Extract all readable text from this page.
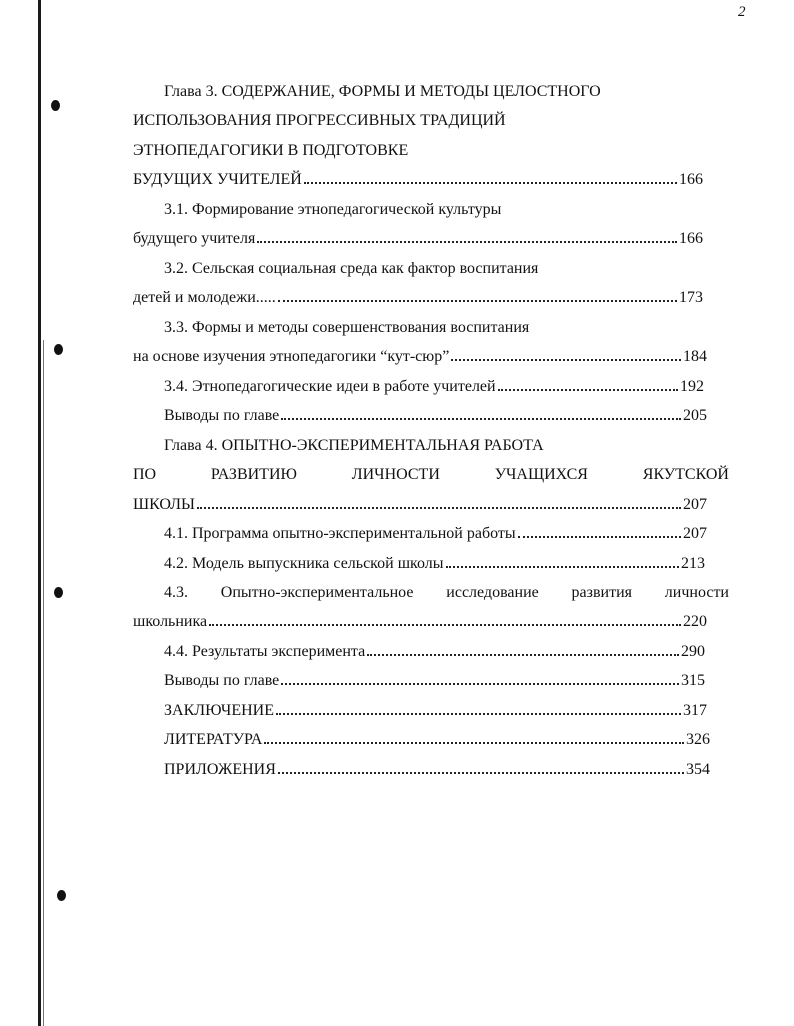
2
Глава 3. СОДЕРЖАНИЕ, ФОРМЫ И МЕТОДЫ ЦЕЛОСТНОГО
ИСПОЛЬЗОВАНИЯ ПРОГРЕССИВНЫХ ТРАДИЦИЙ
ЭТНОПЕДАГОГИКИ В ПОДГОТОВКЕ
БУДУЩИХ УЧИТЕЛЕЙ	166
3.1. Формирование этнопедагогической культуры
будущего учителя	166
3.2. Сельская социальная среда как фактор воспитания
детей и молодежи.....	173
3.3. Формы и методы совершенствования воспитания
на основе изучения этнопедагогики “кут-сюр”	184
3.4. Этнопедагогические идеи в работе учителей	192
Выводы по главе	205
Глава 4. ОПЫТНО-ЭКСПЕРИМЕНТАЛЬНАЯ РАБОТА
ПО	РАЗВИТИЮ	ЛИЧНОСТИ	УЧАЩИХСЯ	ЯКУТСКОЙ
ШКОЛЫ	207
4.1. Программа опытно-экспериментальной работы	207
4.2. Модель выпускника сельской школы	213
4.3. Опытно-экспериментальное исследование развития личности
школьника	220
4.4. Результаты эксперимента	290
Выводы по главе	315
ЗАКЛЮЧЕНИЕ	317
ЛИТЕРАТУРА	326
ПРИЛОЖЕНИЯ	354
